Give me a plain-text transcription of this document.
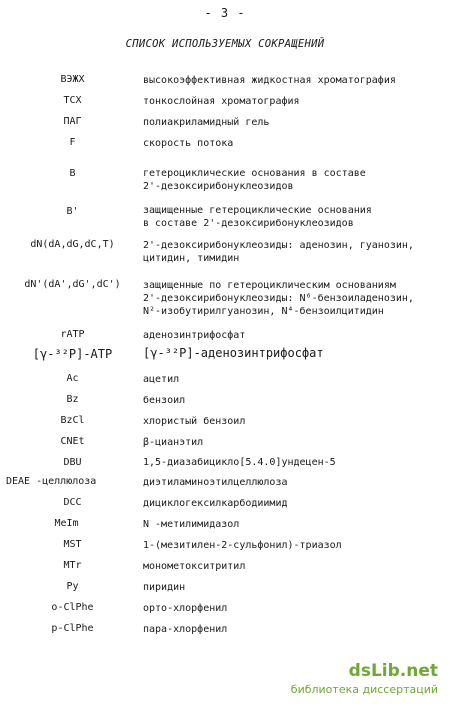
- 3 -
СПИСОК ИСПОЛЬЗУЕМЫХ СОКРАЩЕНИЙ
ВЭЖХ	высокоэффективная жидкостная хроматография
ТСХ	тонкослойная хроматография
ПАГ	полиакриламидный гель
F	скорость потока
B	гетероциклические основания в составе
2'-дезоксирибонуклеозидов
B'	защищенные гетероциклические основания
в составе 2'-дезоксирибонуклеозидов
dN(dA,dG,dC,T)	2'-дезоксирибонуклеозиды: аденозин, гуанозин,
цитидин, тимидин
dN'(dA',dG',dC')	защищенные по гетероциклическим основаниям
2'-дезоксирибонуклеозиды: N⁶-бензоиладенозин,
N²-изобутирилгуанозин, N⁴-бензоилцитидин
rATP	аденозинтрифосфат
[γ-³²P]-ATP	[γ-³²P]-аденозинтрифосфат
Ac	ацетил
Bz	бензоил
BzCl	хлористый бензоил
CNEt	β-цианэтил
DBU	1,5-диазабицикло[5.4.0]ундецен-5
DEAE -целлюлоза	диэтиламиноэтилцеллюлоза
DCC	дициклогексилкарбодиимид
MeIm	N -метилимидазол
MST	1-(мезитилен-2-сульфонил)-триазол
MTr	монометокситритил
Py	пиридин
o-ClPhe	орто-хлорфенил
p-ClPhe	пара-хлорфенил
dsLib.net
библиотека диссертаций
